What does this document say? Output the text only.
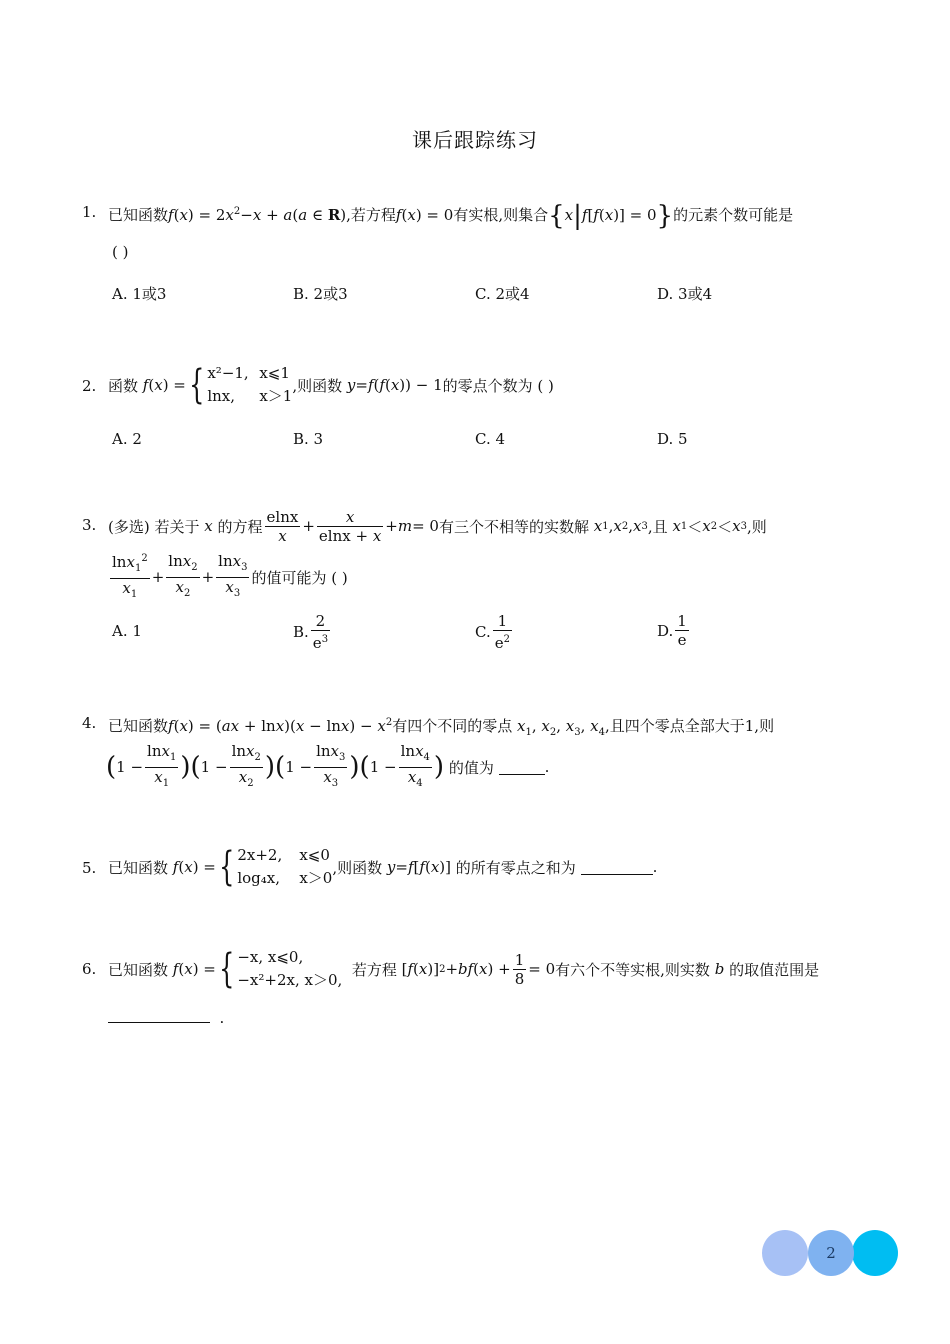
课后跟踪练习
1. 已知函数$f(x) = 2x^2-x + a(a$ ∈ R),若方程f(x) = 0有实根,则集合{x|f[f(x)] = 0}的元素个数可能是
( )
A. 1或3	B. 2或3	C. 2或4	D. 3或4
2. 函数
f ( x ) = { x²−1, x⩽1
lnx, x＞1
,则函数
y = f ( f ( x )) − 1 的零点个数为 ( )
A. 2	B. 3	C. 4	D. 5
3. (多选) 若关于
x
的方程 $\frac{elnx}{x} + \frac{x}{elnx + x} + m = 0$ 有三个不相等的实数解
x 1 , x 2 , x 3 ,且
x 1 ＜ x 2 ＜ x 3 ,则
$\frac{\ln x_1^2}{x_1} + \frac{\ln x_2}{x_2} + \frac{\ln x_3}{x_3}$ 的值可能为 ( )
A. 1	B. $\frac{2}{e^3}$	C. $\frac{1}{e^2}$	D. $\frac{1}{e}$
4. 已知函数$f(x) = (ax + \ln x)(x - \ln x) - x^2$有四个不同的零点 $x_1$, $x_2$, $x_3$, $x_4$,且四个零点全部大于1,则
( $1 - \frac{\ln x_1}{x_1}$ ) ( $1 - \frac{\ln x_2}{x_2}$ ) ( $1 - \frac{\ln x_3}{x_3}$ ) ( $1 - \frac{\ln x_4}{x_4}$ )
的值为
	.
5. 已知函数
f ( x ) = { 2x+2, x⩽0
log₄x, x＞0
,则函数
y = f [ f ( x )] 的所有零点之和为
	.
6. 已知函数
f ( x ) = { −x, x⩽0,
−x²+2x, x＞0,

若方程 [ f ( x )] 2 + bf ( x ) + $\frac{1}{8} = 0$ 有六个不等实根,则实数
b
的取值范围是
.
2
